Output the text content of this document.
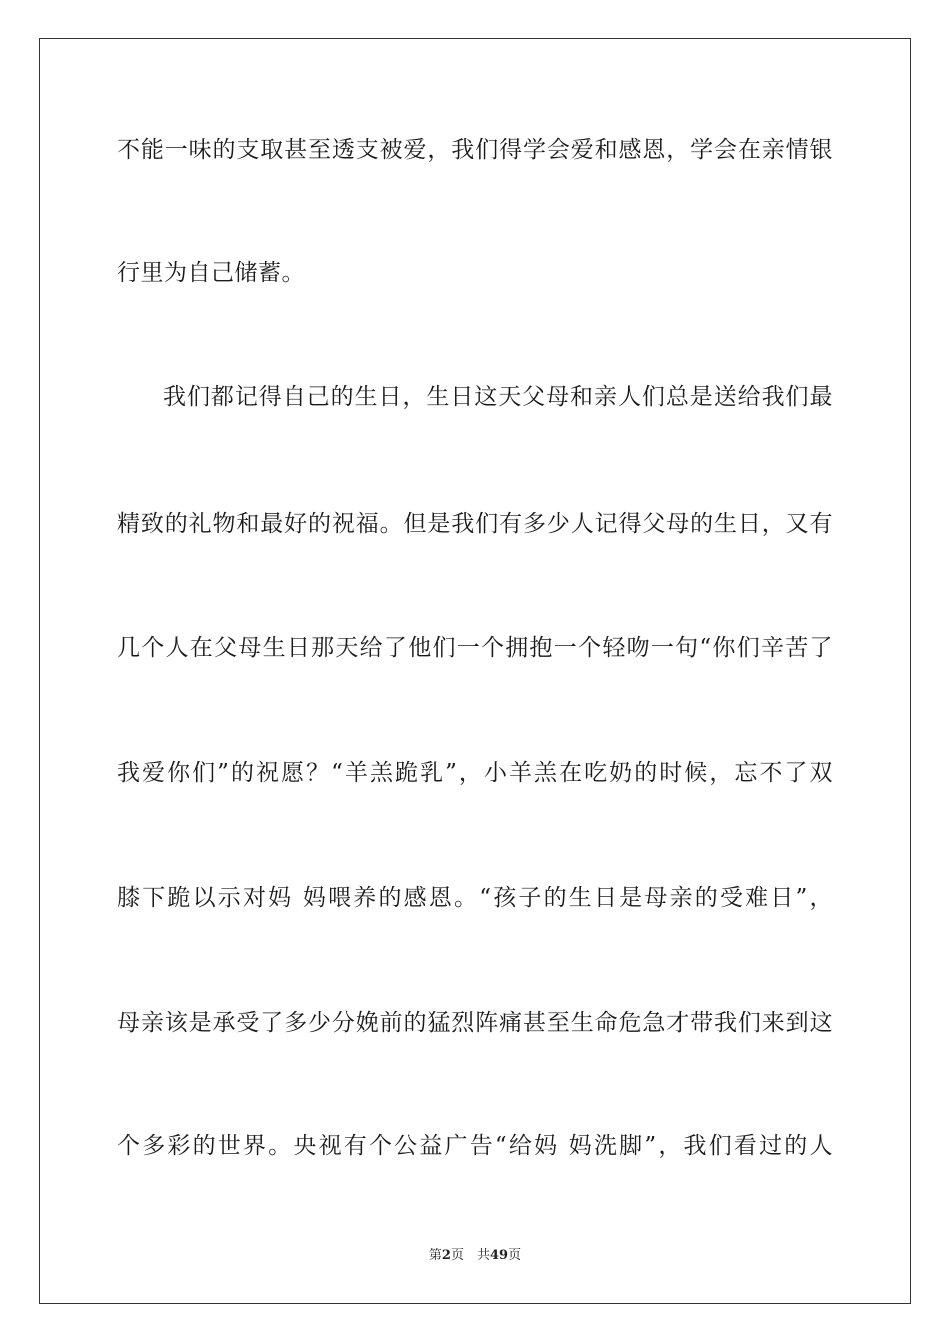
不能一味的支取甚至透支被爱，我们得学会爱和感恩，学会在亲情银
行里为自己储蓄。
我们都记得自己的生日，生日这天父母和亲人们总是送给我们最
精致的礼物和最好的祝福。但是我们有多少人记得父母的生日，又有
几个人在父母生日那天给了他们一个拥抱一个轻吻一句“你们辛苦了
我爱你们”的祝愿？“羊羔跪乳”，小羊羔在吃奶的时候，忘不了双
膝下跪以示对妈 妈喂养的感恩。“孩子的生日是母亲的受难日”，
母亲该是承受了多少分娩前的猛烈阵痛甚至生命危急才带我们来到这
个多彩的世界。央视有个公益广告“给妈 妈洗脚”，我们看过的人
第2页　共49页
